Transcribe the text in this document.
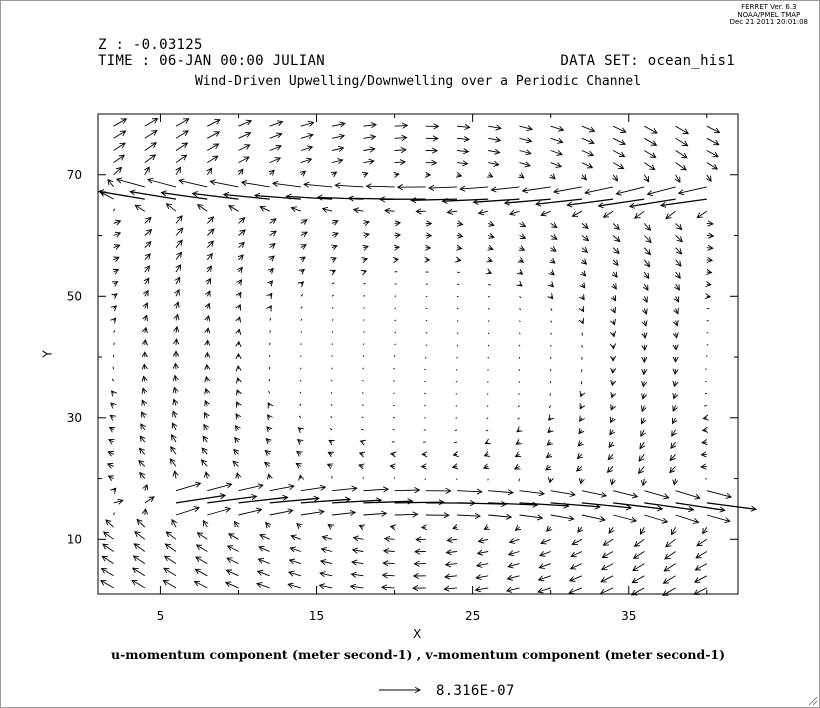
FERRET Ver. 6.3
NOAA/PMEL TMAP
Dec 21 2011 20:01:08
Z : -0.03125
TIME : 06-JAN 00:00 JULIAN	DATA SET: ocean_his1
Wind-Driven Upwelling/Downwelling over a Periodic Channel
5	15	25	35
10
30
50
70
X
Y
u-momentum component (meter second-1) , v-momentum component (meter second-1)
8.316E-07
